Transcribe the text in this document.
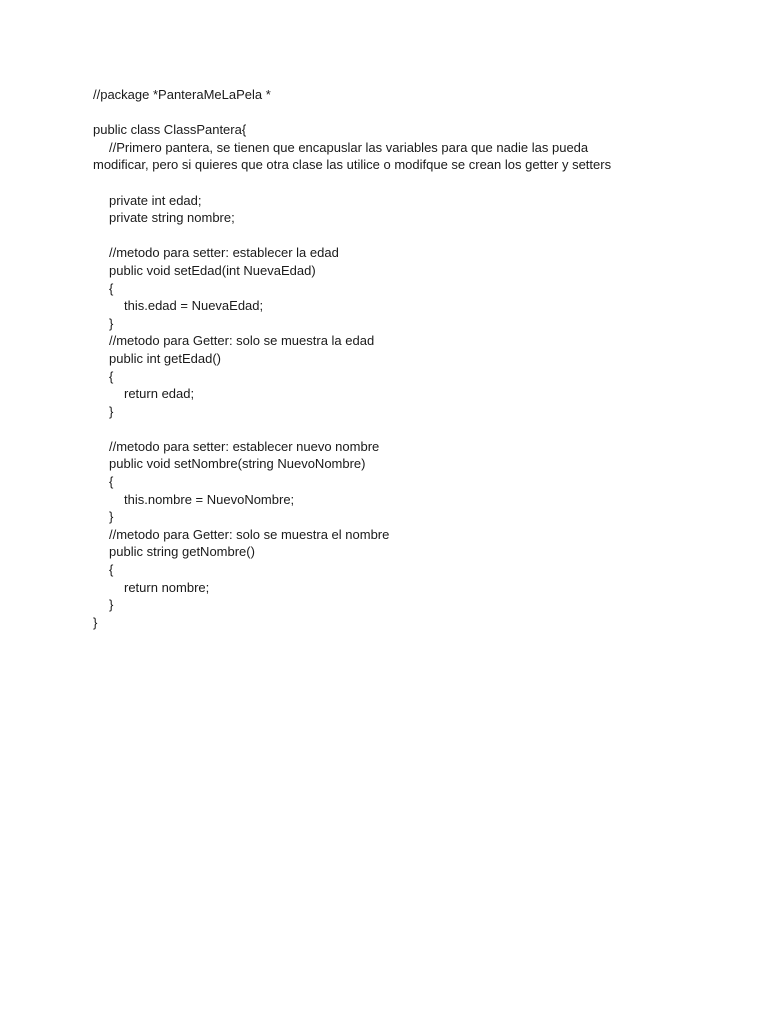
//package *PanteraMeLaPela *
public class ClassPantera{
//Primero pantera, se tienen que encapuslar las variables para que nadie las pueda
modificar, pero si quieres que otra clase las utilice o modifque se crean los getter y setters
private int edad;
private string nombre;
//metodo para setter: establecer la edad
public void setEdad(int NuevaEdad)
{
this.edad = NuevaEdad;
}
//metodo para Getter: solo se muestra la edad
public int getEdad()
{
return edad;
}
//metodo para setter: establecer nuevo nombre
public void setNombre(string NuevoNombre)
{
this.nombre = NuevoNombre;
}
//metodo para Getter: solo se muestra el nombre
public string getNombre()
{
return nombre;
}
}
